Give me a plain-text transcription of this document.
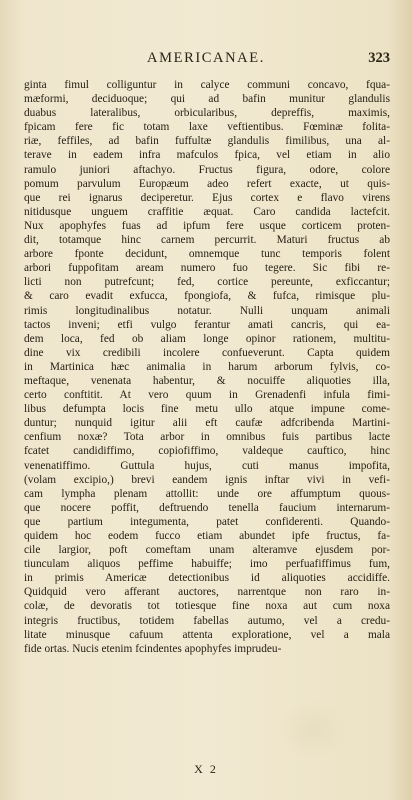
AMERICANAE.	323
ginta fimul colliguntur in calyce communi concavo, fqua-
mæformi, deciduoque; qui ad bafin munitur glandulis
duabus lateralibus, orbicularibus, depreffis, maximis,
fpicam fere fic totam laxe veftientibus. Fœminæ folita-
riæ, feffiles, ad bafin fuffultæ glandulis fimilibus, una al-
terave in eadem infra mafculos fpica, vel etiam in alio
ramulo juniori aftachyo. Fructus figura, odore, colore
pomum parvulum Europæum adeo refert exacte, ut quis-
que rei ignarus deciperetur. Ejus cortex e flavo virens
nitidusque unguem craffitie æquat. Caro candida lactefcit.
Nux apophyfes fuas ad ipfum fere usque corticem proten-
dit, totamque hinc carnem percurrit. Maturi fructus ab
arbore fponte decidunt, omnemque tunc temporis folent
arbori fuppofitam aream numero fuo tegere. Sic fibi re-
licti non putrefcunt; fed, cortice pereunte, exficcantur;
& caro evadit exfucca, fpongiofa, & fufca, rimisque plu-
rimis longitudinalibus notatur. Nulli unquam animali
tactos inveni; etfi vulgo ferantur amati cancris, qui ea-
dem loca, fed ob aliam longe opinor rationem, multitu-
dine vix credibili incolere confueverunt. Capta quidem
in Martinica hæc animalia in harum arborum fylvis, co-
meftaque, venenata habentur, & nocuiffe aliquoties illa,
certo conftitit. At vero quum in Grenadenfi infula fimi-
libus defumpta locis fine metu ullo atque impune come-
duntur; nunquid igitur alii eft caufæ adfcribenda Martini-
cenfium noxæ? Tota arbor in omnibus fuis partibus lacte
fcatet candidiffimo, copiofiffimo, valdeque cauftico, hinc
venenatiffimo. Guttula hujus, cuti manus impofita,
(volam excipio,) brevi eandem ignis inftar vivi in vefi-
cam lympha plenam attollit: unde ore affumptum quous-
que nocere poffit, deftruendo tenella faucium internarum-
que partium integumenta, patet confiderenti. Quando-
quidem hoc eodem fucco etiam abundet ipfe fructus, fa-
cile largior, poft comeftam unam alteramve ejusdem por-
tiunculam aliquos peffime habuiffe; imo perfuafiffimus fum,
in primis Americæ detectionibus id aliquoties accidiffe.
Quidquid vero afferant auctores, narrentque non raro in-
colæ, de devoratis tot totiesque fine noxa aut cum noxa
integris fructibus, totidem fabellas autumo, vel a credu-
litate minusque cafuum attenta exploratione, vel a mala
fide ortas. Nucis etenim fcindentes apophyfes imprudeu-
X 2
